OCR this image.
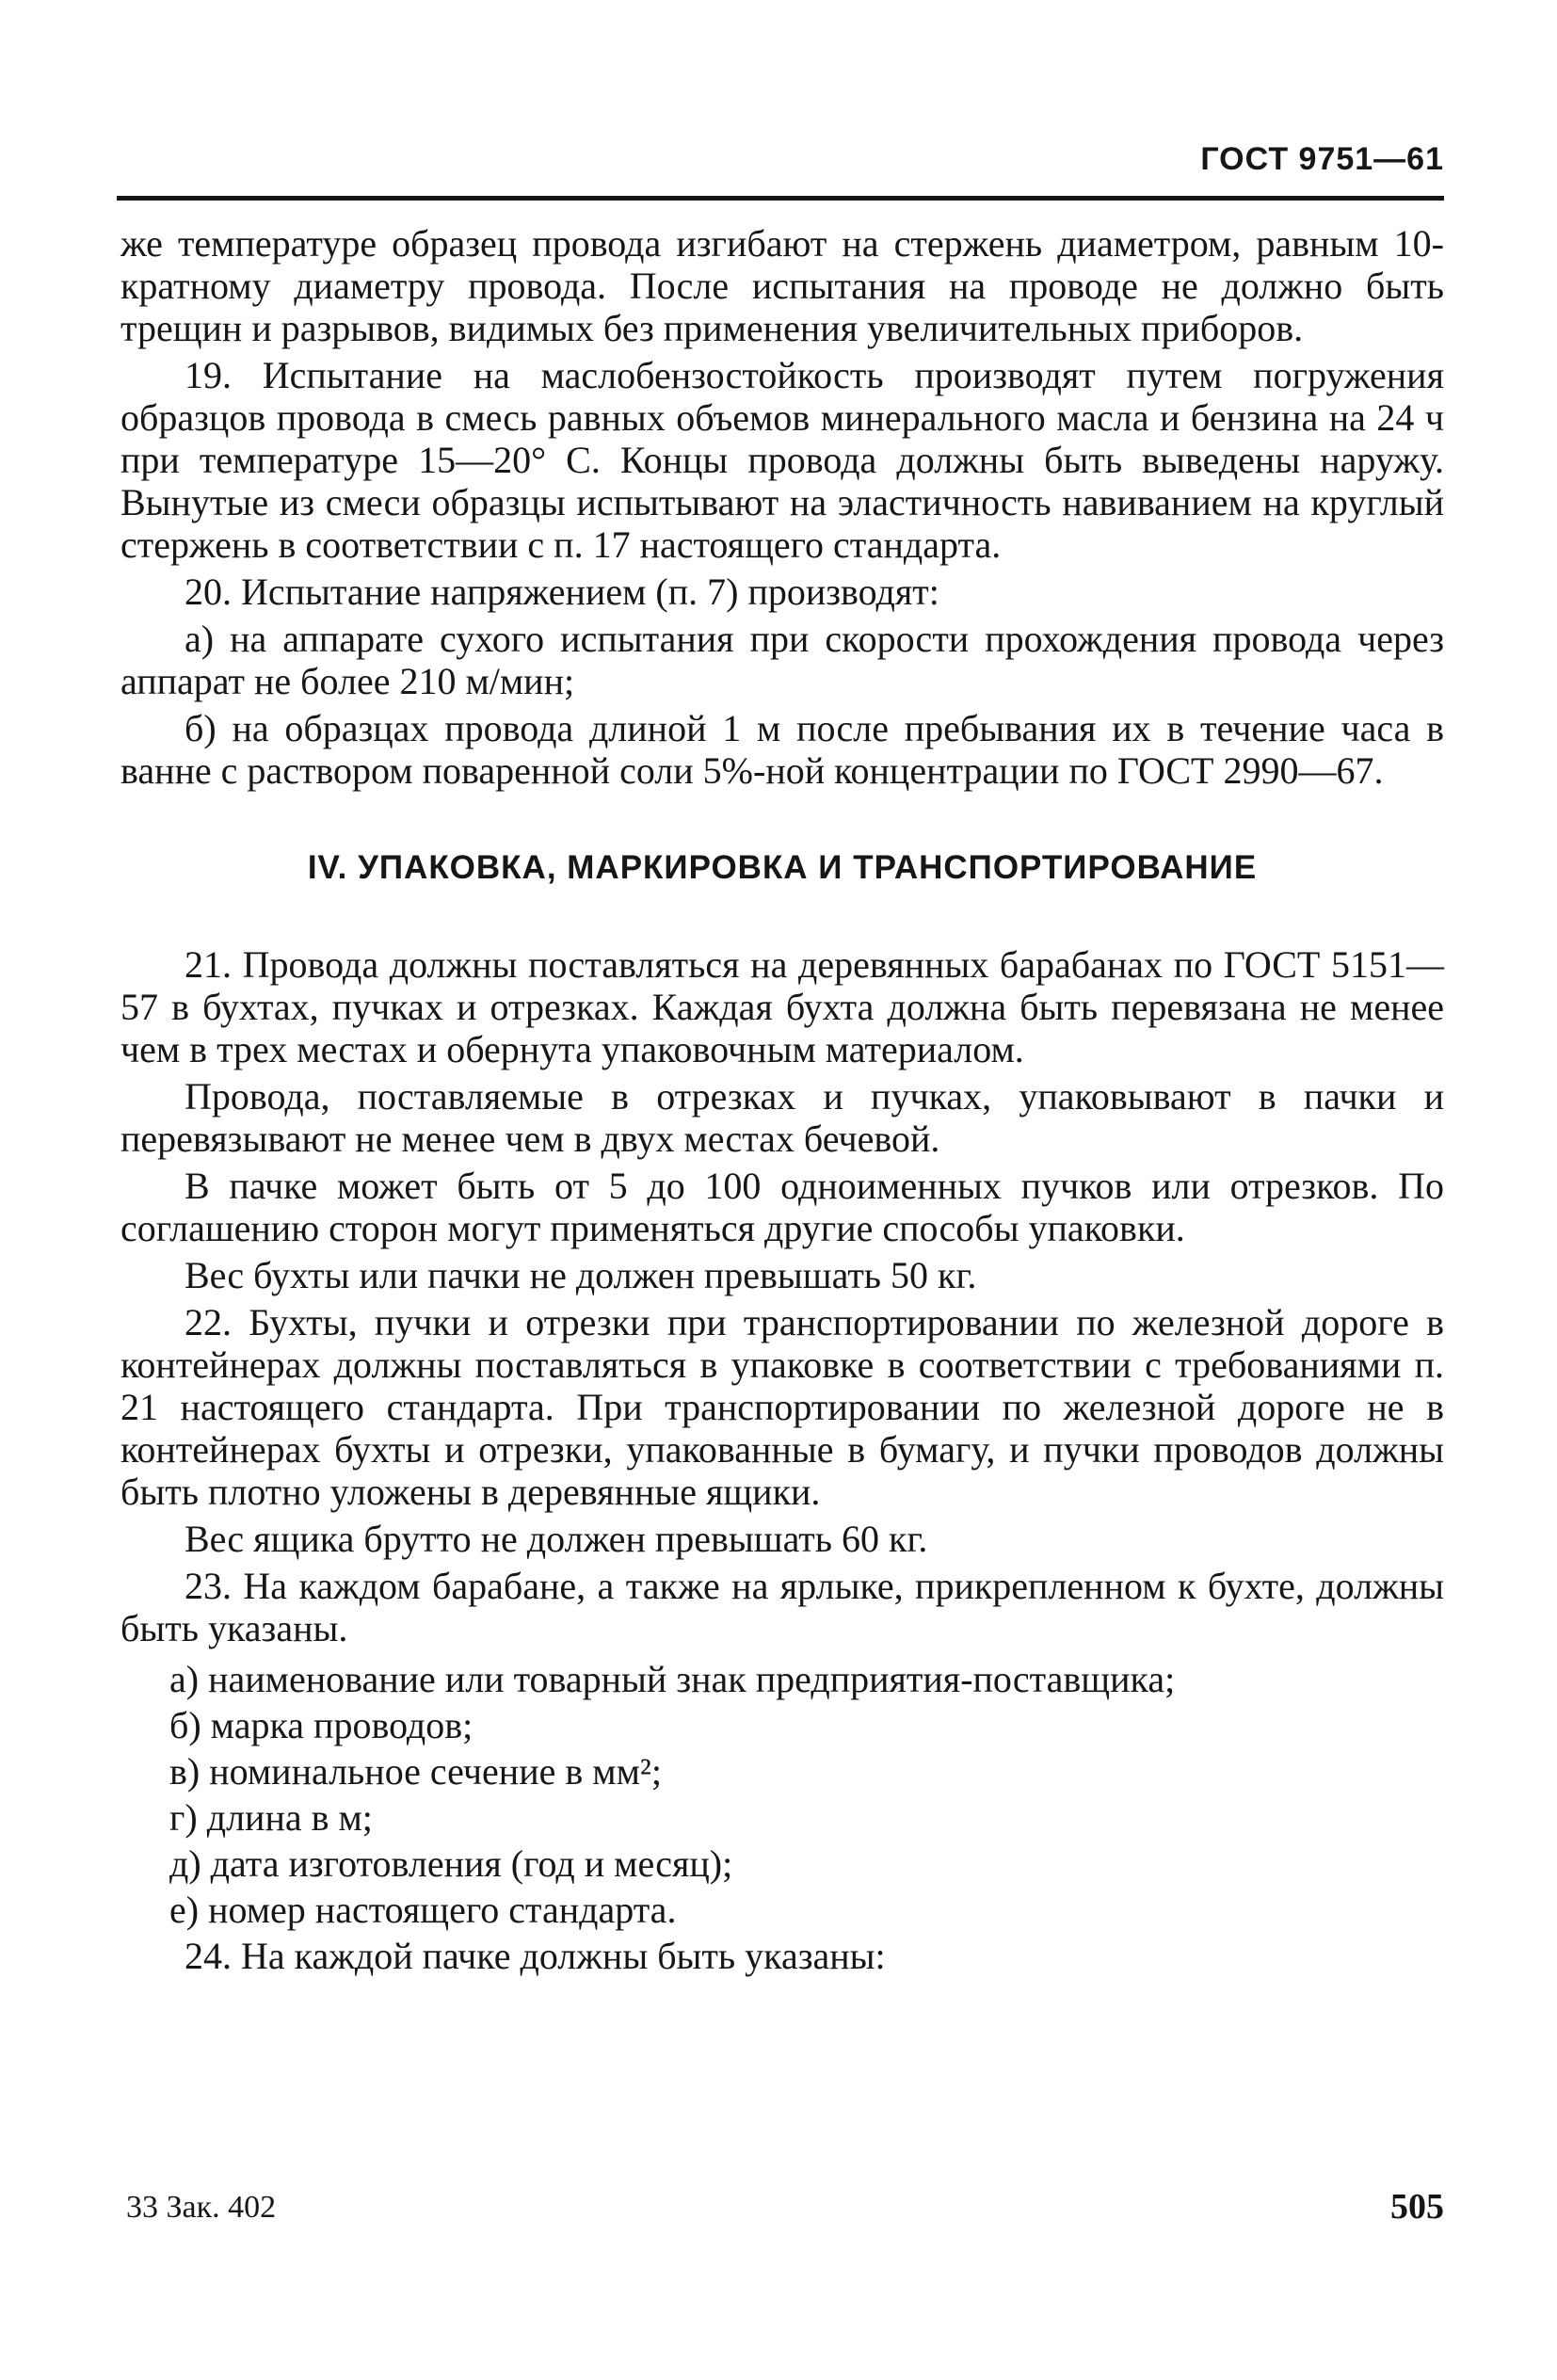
ГОСТ 9751—61

же температуре образец провода изгибают на стержень диаметром, равным 10-кратному диаметру провода. После испытания на проводе не должно быть трещин и разрывов, видимых без применения увеличительных приборов.

19. Испытание на маслобензостойкость производят путем погружения образцов провода в смесь равных объемов минерального масла и бензина на 24 ч при температуре 15—20° С. Концы провода должны быть выведены наружу. Вынутые из смеси образцы испытывают на эластичность навиванием на круглый стержень в соответствии с п. 17 настоящего стандарта.

20. Испытание напряжением (п. 7) производят:

а) на аппарате сухого испытания при скорости прохождения провода через аппарат не более 210 м/мин;

б) на образцах провода длиной 1 м после пребывания их в течение часа в ванне с раствором поваренной соли 5%-ной концентрации по ГОСТ 2990—67.

IV. УПАКОВКА, МАРКИРОВКА И ТРАНСПОРТИРОВАНИЕ

21. Провода должны поставляться на деревянных барабанах по ГОСТ 5151—57 в бухтах, пучках и отрезках. Каждая бухта должна быть перевязана не менее чем в трех местах и обернута упаковочным материалом.

Провода, поставляемые в отрезках и пучках, упаковывают в пачки и перевязывают не менее чем в двух местах бечевой.

В пачке может быть от 5 до 100 одноименных пучков или отрезков. По соглашению сторон могут применяться другие способы упаковки.

Вес бухты или пачки не должен превышать 50 кг.

22. Бухты, пучки и отрезки при транспортировании по железной дороге в контейнерах должны поставляться в упаковке в соответствии с требованиями п. 21 настоящего стандарта. При транспортировании по железной дороге не в контейнерах бухты и отрезки, упакованные в бумагу, и пучки проводов должны быть плотно уложены в деревянные ящики.

Вес ящика брутто не должен превышать 60 кг.

23. На каждом барабане, а также на ярлыке, прикрепленном к бухте, должны быть указаны.

а) наименование или товарный знак предприятия-поставщика;

б) марка проводов;

в) номинальное сечение в мм²;

г) длина в м;

д) дата изготовления (год и месяц);

е) номер настоящего стандарта.

24. На каждой пачке должны быть указаны:

33 Зак. 402	505
